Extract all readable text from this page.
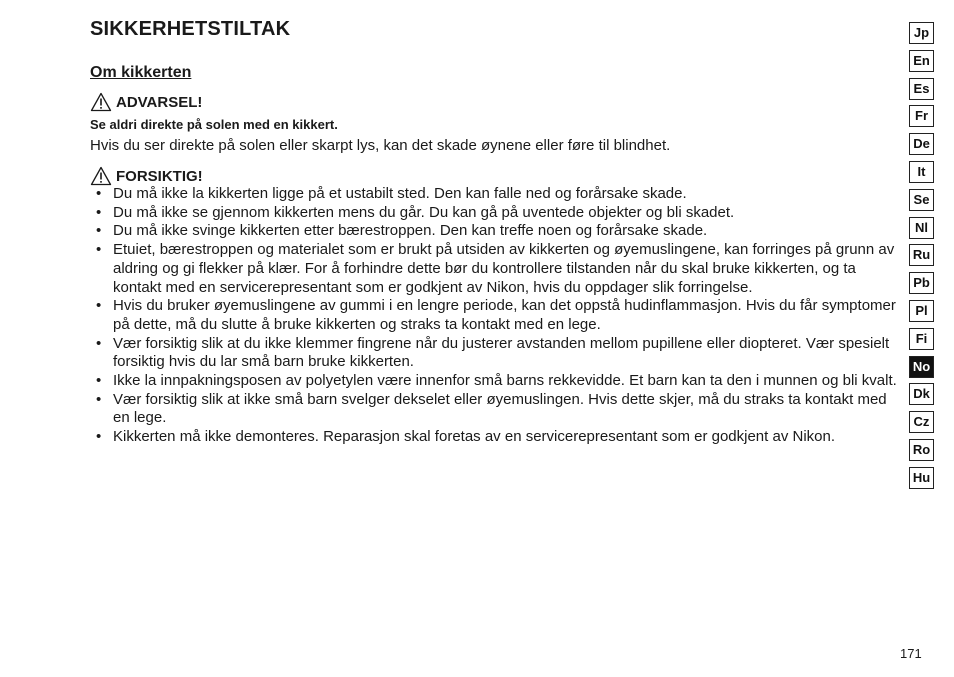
SIKKERHETSTILTAK
Om kikkerten
ADVARSEL!
Se aldri direkte på solen med en kikkert.
Hvis du ser direkte på solen eller skarpt lys, kan det skade øynene eller føre til blindhet.
FORSIKTIG!
• Du må ikke la kikkerten ligge på et ustabilt sted. Den kan falle ned og forårsake skade.
• Du må ikke se gjennom kikkerten mens du går. Du kan gå på uventede objekter og bli skadet.
• Du må ikke svinge kikkerten etter bærestroppen. Den kan treffe noen og forårsake skade.
• Etuiet, bærestroppen og materialet som er brukt på utsiden av kikkerten og øyemuslingene, kan forringes på grunn av aldring og gi flekker på klær. For å forhindre dette bør du kontrollere tilstanden når du skal bruke kikkerten, og ta kontakt med en servicerepresentant som er godkjent av Nikon, hvis du oppdager slik forringelse.
• Hvis du bruker øyemuslingene av gummi i en lengre periode, kan det oppstå hudinflammasjon. Hvis du får symptomer på dette, må du slutte å bruke kikkerten og straks ta kontakt med en lege.
• Vær forsiktig slik at du ikke klemmer fingrene når du justerer avstanden mellom pupillene eller diopteret. Vær spesielt forsiktig hvis du lar små barn bruke kikkerten.
• Ikke la innpakningsposen av polyetylen være innenfor små barns rekkevidde. Et barn kan ta den i munnen og bli kvalt.
• Vær forsiktig slik at ikke små barn svelger dekselet eller øyemuslingen. Hvis dette skjer, må du straks ta kontakt med en lege.
• Kikkerten må ikke demonteres. Reparasjon skal foretas av en servicerepresentant som er godkjent av Nikon.
Jp
En
Es
Fr
De
It
Se
Nl
Ru
Pb
Pl
Fi
No
Dk
Cz
Ro
Hu
171
